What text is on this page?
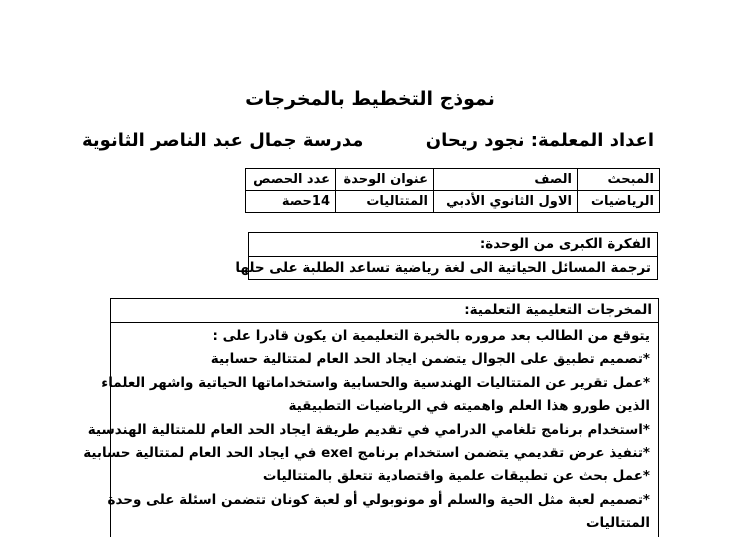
نموذج التخطيط بالمخرجات
اعداد المعلمة: نجود ريحان
مدرسة جمال عبد الناصر الثانوية
المبحث	الصف	عنوان الوحدة	عدد الحصص
الرياضيات	الاول الثانوي الأدبي	المتتاليات	14حصة
الفكرة الكبرى من الوحدة:
ترجمة المسائل الحياتية الى لغة رياضية تساعد الطلبة على حلها
المخرجات التعليمية التعلمية:
يتوقع من الطالب بعد مروره بالخبرة التعليمية ان يكون قادرا على :
*تصميم تطبيق على الجوال يتضمن ايجاد الحد العام لمتتالية حسابية
*عمل تقرير عن المتتاليات الهندسية والحسابية واستخداماتها الحياتية واشهر العلماء
الذين طورو هذا العلم واهميته في الرياضيات التطبيقية
*استخدام برنامج تلغامي الدرامي في تقديم طريقة ايجاد الحد العام للمتتالية الهندسية
*تنفيذ عرض تقديمي يتضمن استخدام برنامج exel في ايجاد الحد العام لمتتالية حسابية
*عمل بحث عن تطبيقات علمية واقتصادية تتعلق بالمتتاليات
*تصميم لعبة مثل الحية والسلم أو مونوبولي أو لعبة كونان تتضمن اسئلة على وحدة
المتتاليات
